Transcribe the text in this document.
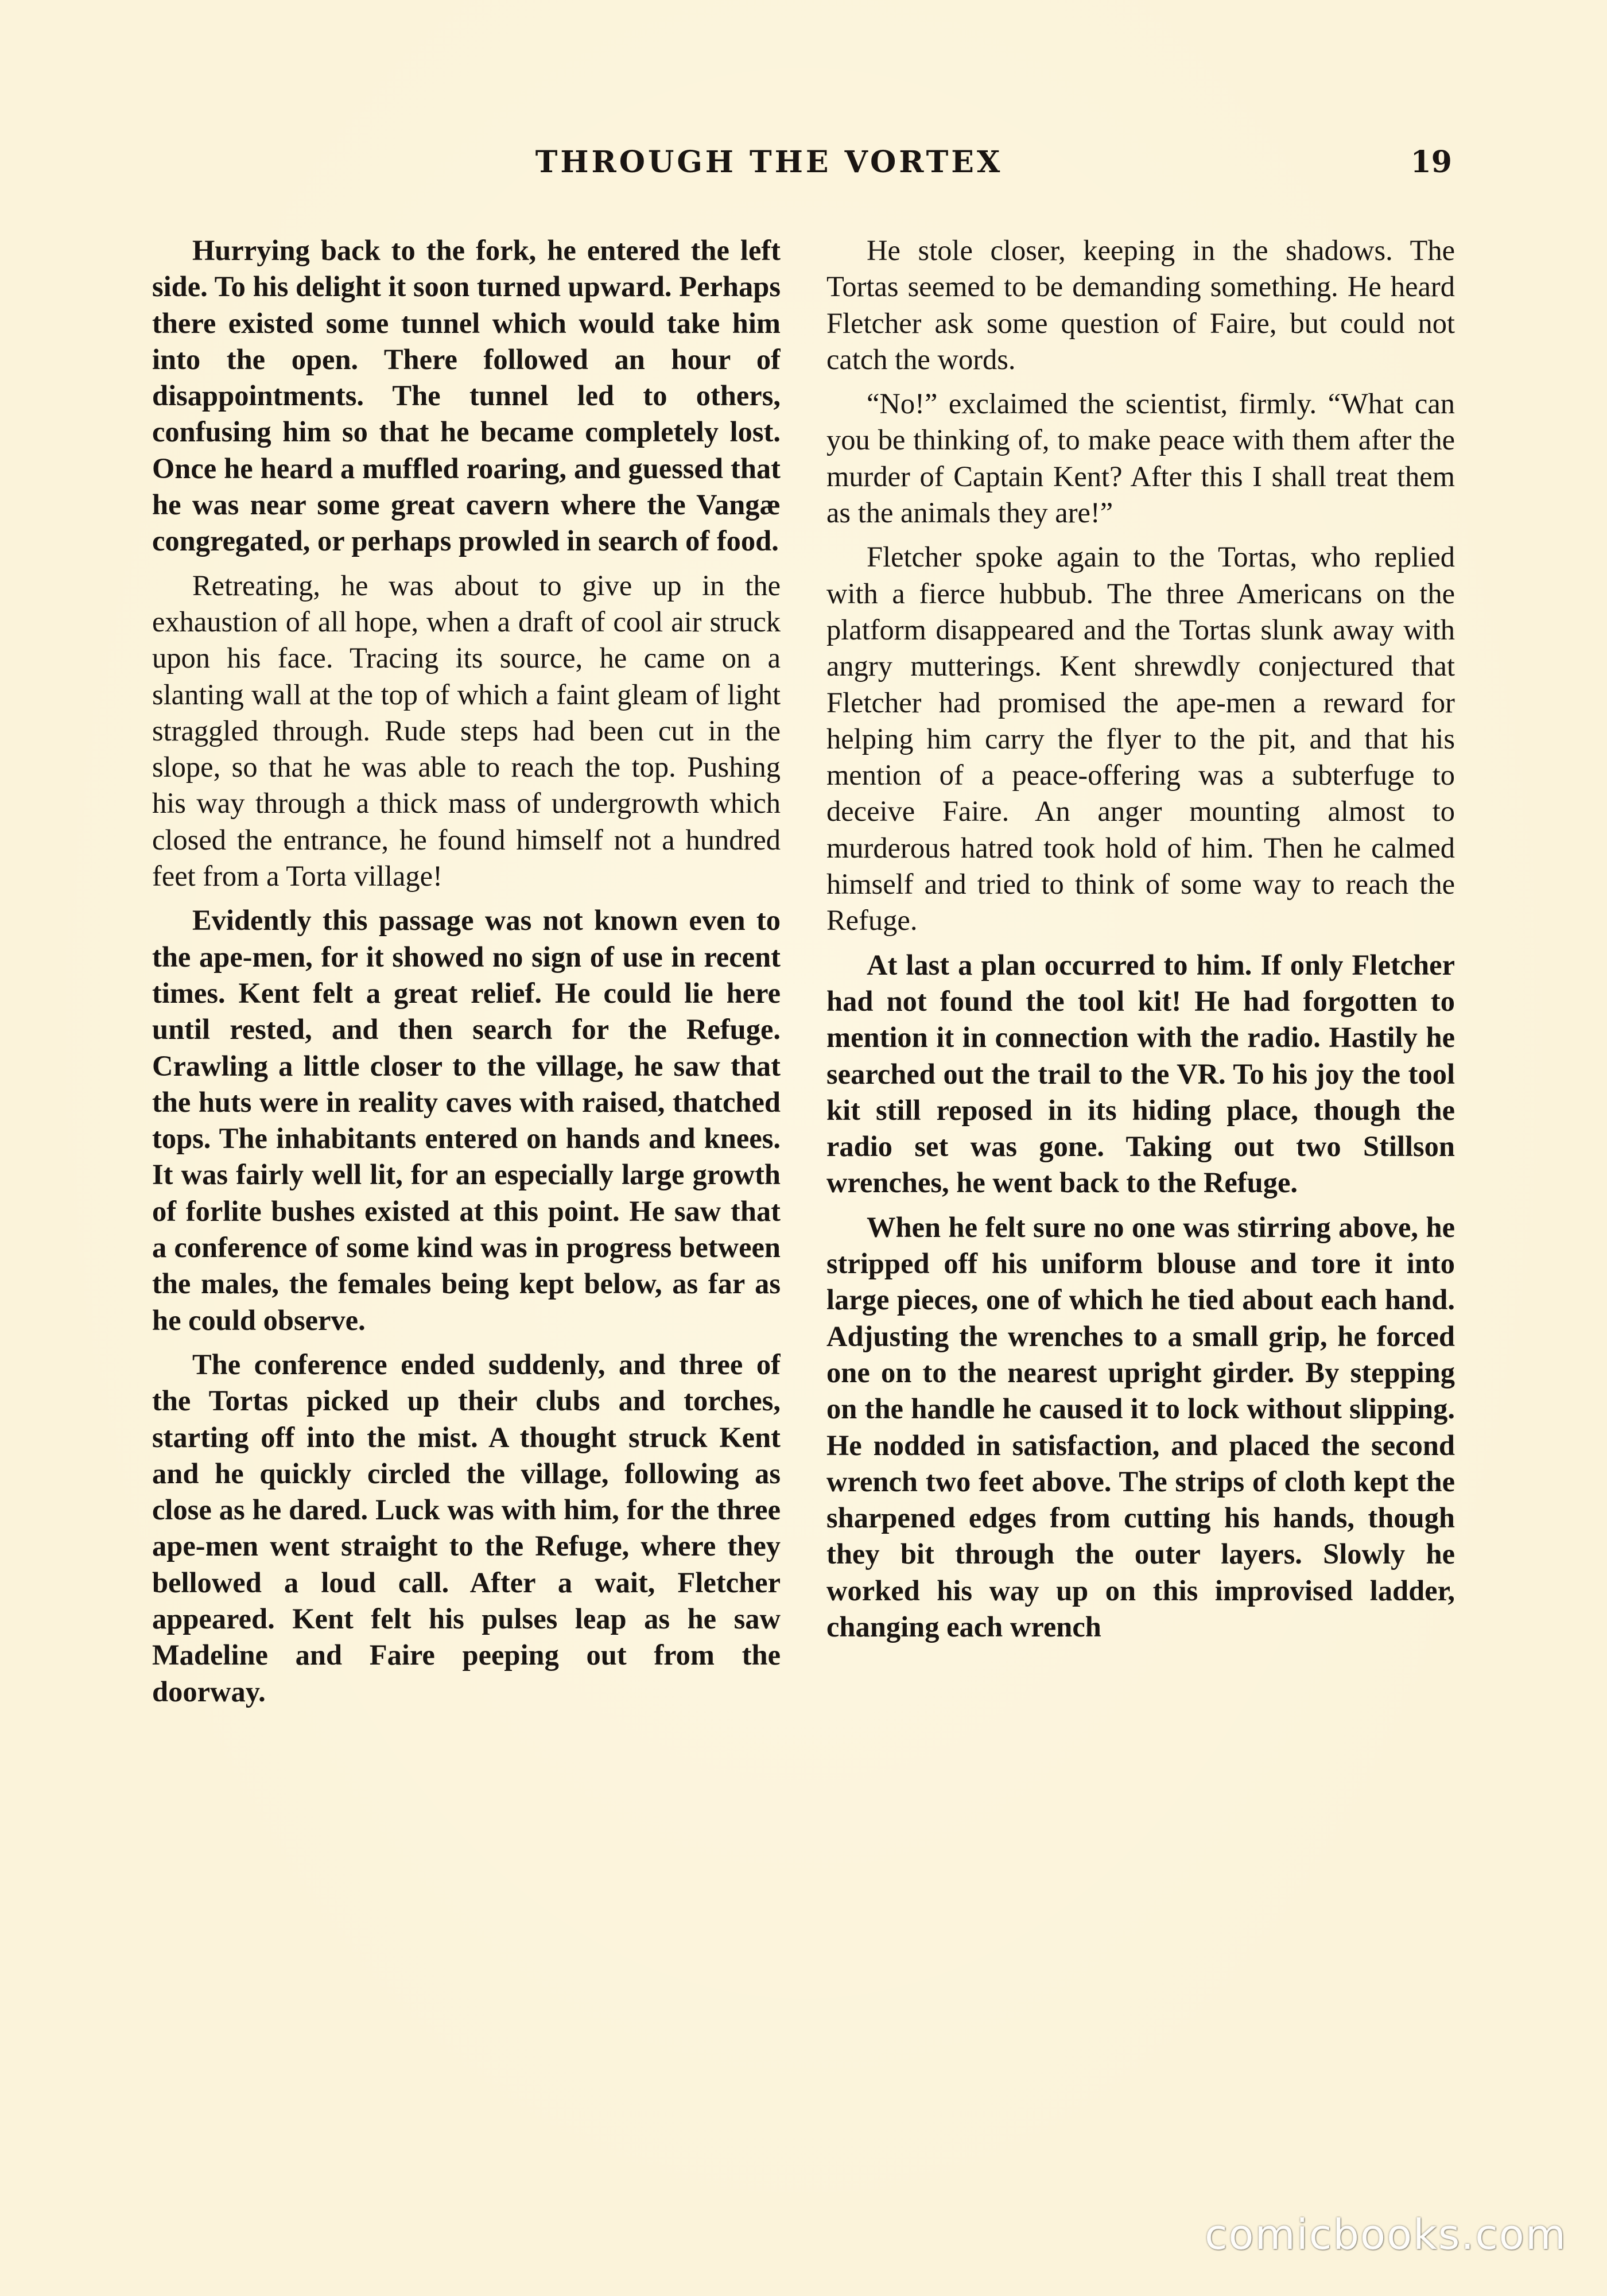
THROUGH THE VORTEX	19

Hurrying back to the fork, he entered the left side. To his delight it soon turned upward. Perhaps there existed some tunnel which would take him into the open. There followed an hour of disappointments. The tunnel led to others, confusing him so that he became completely lost. Once he heard a muffled roaring, and guessed that he was near some great cavern where the Vangæ congregated, or perhaps prowled in search of food.

Retreating, he was about to give up in the exhaustion of all hope, when a draft of cool air struck upon his face. Tracing its source, he came on a slanting wall at the top of which a faint gleam of light straggled through. Rude steps had been cut in the slope, so that he was able to reach the top. Pushing his way through a thick mass of undergrowth which closed the entrance, he found himself not a hundred feet from a Torta village!

Evidently this passage was not known even to the ape-men, for it showed no sign of use in recent times. Kent felt a great relief. He could lie here until rested, and then search for the Refuge. Crawling a little closer to the village, he saw that the huts were in reality caves with raised, thatched tops. The inhabitants entered on hands and knees. It was fairly well lit, for an especially large growth of forlite bushes existed at this point. He saw that a conference of some kind was in progress between the males, the females being kept below, as far as he could observe.

The conference ended suddenly, and three of the Tortas picked up their clubs and torches, starting off into the mist. A thought struck Kent and he quickly circled the village, following as close as he dared. Luck was with him, for the three ape-men went straight to the Refuge, where they bellowed a loud call. After a wait, Fletcher appeared. Kent felt his pulses leap as he saw Madeline and Faire peeping out from the doorway.

He stole closer, keeping in the shadows. The Tortas seemed to be demanding something. He heard Fletcher ask some question of Faire, but could not catch the words.

“No!” exclaimed the scientist, firmly. “What can you be thinking of, to make peace with them after the murder of Captain Kent? After this I shall treat them as the animals they are!”

Fletcher spoke again to the Tortas, who replied with a fierce hubbub. The three Americans on the platform disappeared and the Tortas slunk away with angry mutterings. Kent shrewdly conjectured that Fletcher had promised the ape-men a reward for helping him carry the flyer to the pit, and that his mention of a peace-offering was a subterfuge to deceive Faire. An anger mounting almost to murderous hatred took hold of him. Then he calmed himself and tried to think of some way to reach the Refuge.

At last a plan occurred to him. If only Fletcher had not found the tool kit! He had forgotten to mention it in connection with the radio. Hastily he searched out the trail to the VR. To his joy the tool kit still reposed in its hiding place, though the radio set was gone. Taking out two Stillson wrenches, he went back to the Refuge.

When he felt sure no one was stirring above, he stripped off his uniform blouse and tore it into large pieces, one of which he tied about each hand. Adjusting the wrenches to a small grip, he forced one on to the nearest upright girder. By stepping on the handle he caused it to lock without slipping. He nodded in satisfaction, and placed the second wrench two feet above. The strips of cloth kept the sharpened edges from cutting his hands, though they bit through the outer layers. Slowly he worked his way up on this improvised ladder, changing each wrench

comicbooks.com
